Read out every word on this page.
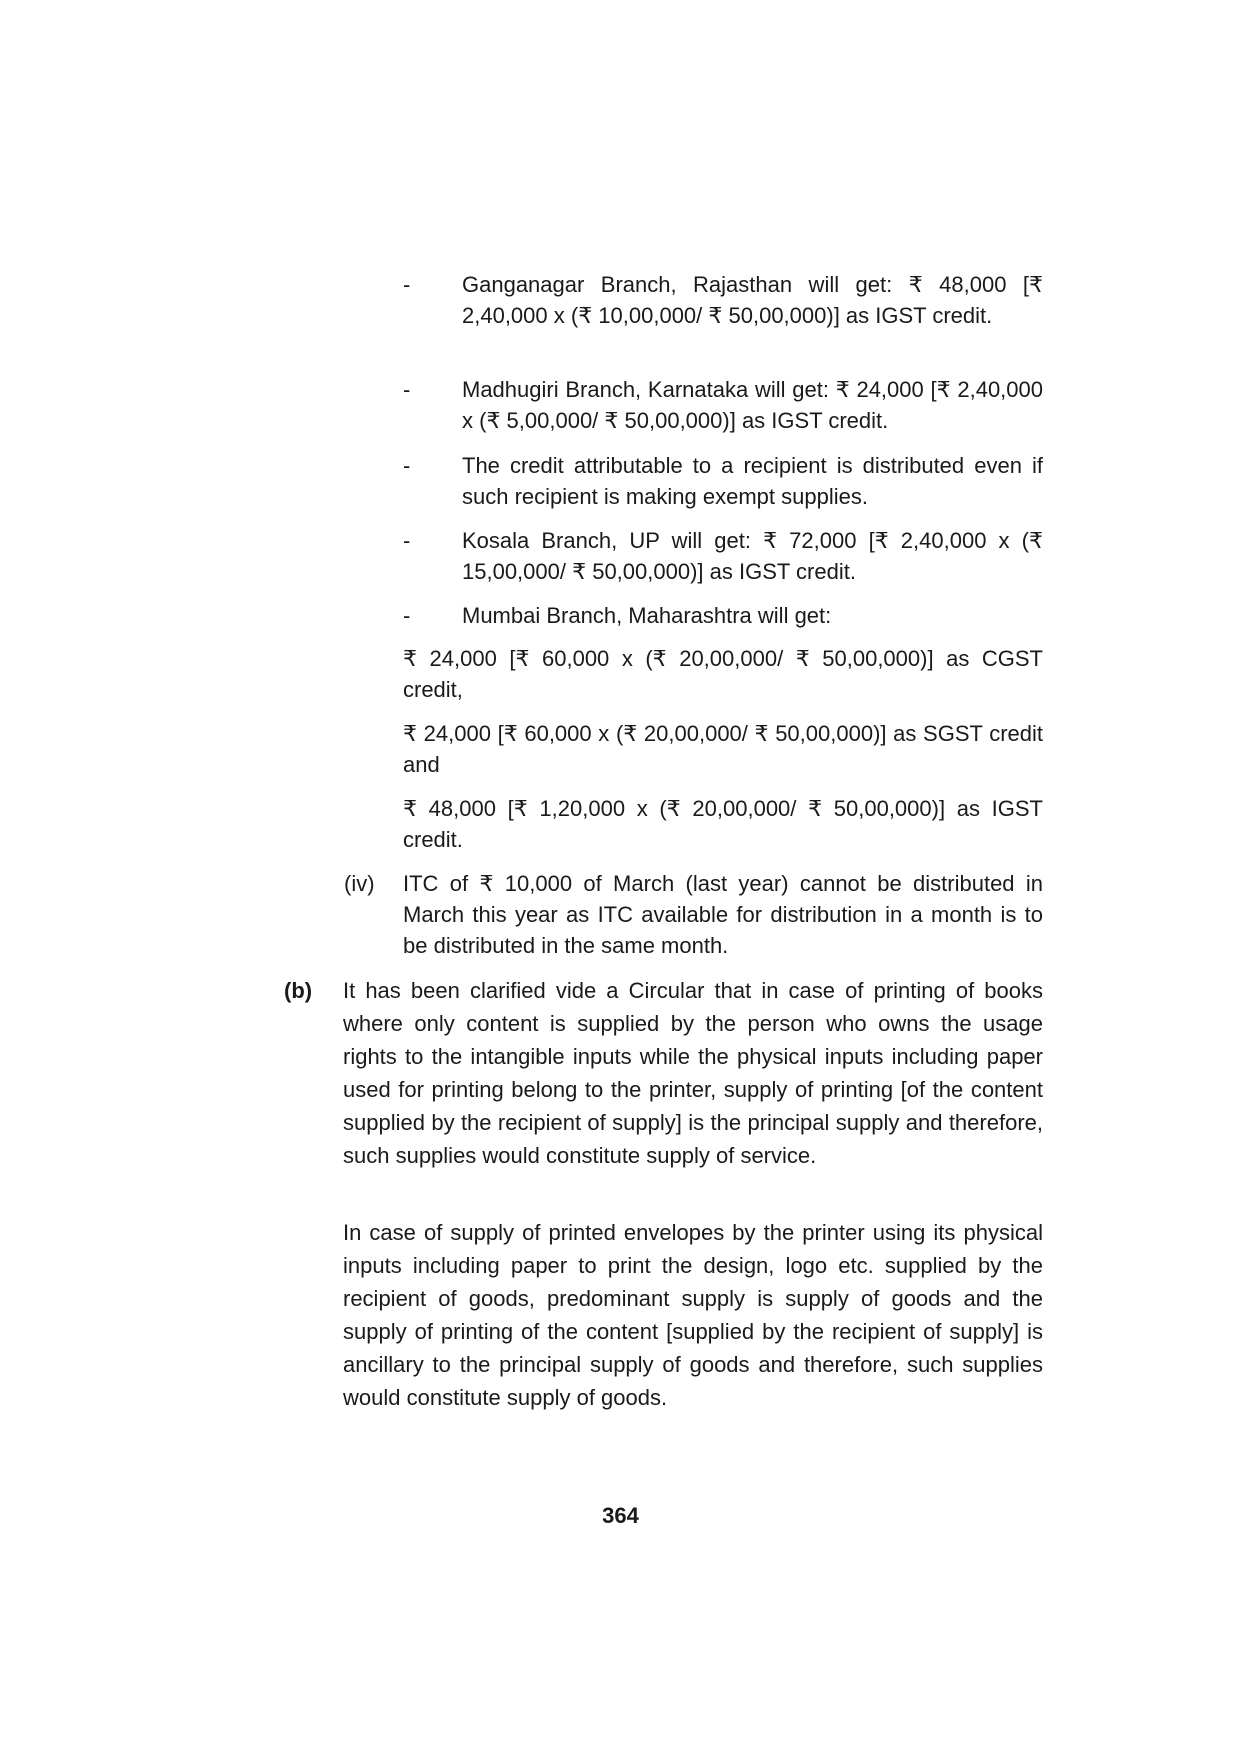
-	Ganganagar Branch, Rajasthan will get: ₹ 48,000 [₹ 2,40,000 x (₹ 10,00,000/ ₹ 50,00,000)] as IGST credit.
-	Madhugiri Branch, Karnataka will get: ₹ 24,000 [₹ 2,40,000 x (₹ 5,00,000/ ₹ 50,00,000)] as IGST credit.
-	The credit attributable to a recipient is distributed even if such recipient is making exempt supplies.
-	Kosala Branch, UP will get: ₹ 72,000 [₹ 2,40,000 x (₹ 15,00,000/ ₹ 50,00,000)] as IGST credit.
-	Mumbai Branch, Maharashtra will get:
₹ 24,000 [₹ 60,000 x (₹ 20,00,000/ ₹ 50,00,000)] as CGST credit,
₹ 24,000 [₹ 60,000 x (₹ 20,00,000/ ₹ 50,00,000)] as SGST credit and
₹ 48,000 [₹ 1,20,000 x (₹ 20,00,000/ ₹ 50,00,000)] as IGST credit.
(iv) ITC of ₹ 10,000 of March (last year) cannot be distributed in March this year as ITC available for distribution in a month is to be distributed in the same month.
(b) It has been clarified vide a Circular that in case of printing of books where only content is supplied by the person who owns the usage rights to the intangible inputs while the physical inputs including paper used for printing belong to the printer, supply of printing [of the content supplied by the recipient of supply] is the principal supply and therefore, such supplies would constitute supply of service.
In case of supply of printed envelopes by the printer using its physical inputs including paper to print the design, logo etc. supplied by the recipient of goods, predominant supply is supply of goods and the supply of printing of the content [supplied by the recipient of supply] is ancillary to the principal supply of goods and therefore, such supplies would constitute supply of goods.
364
